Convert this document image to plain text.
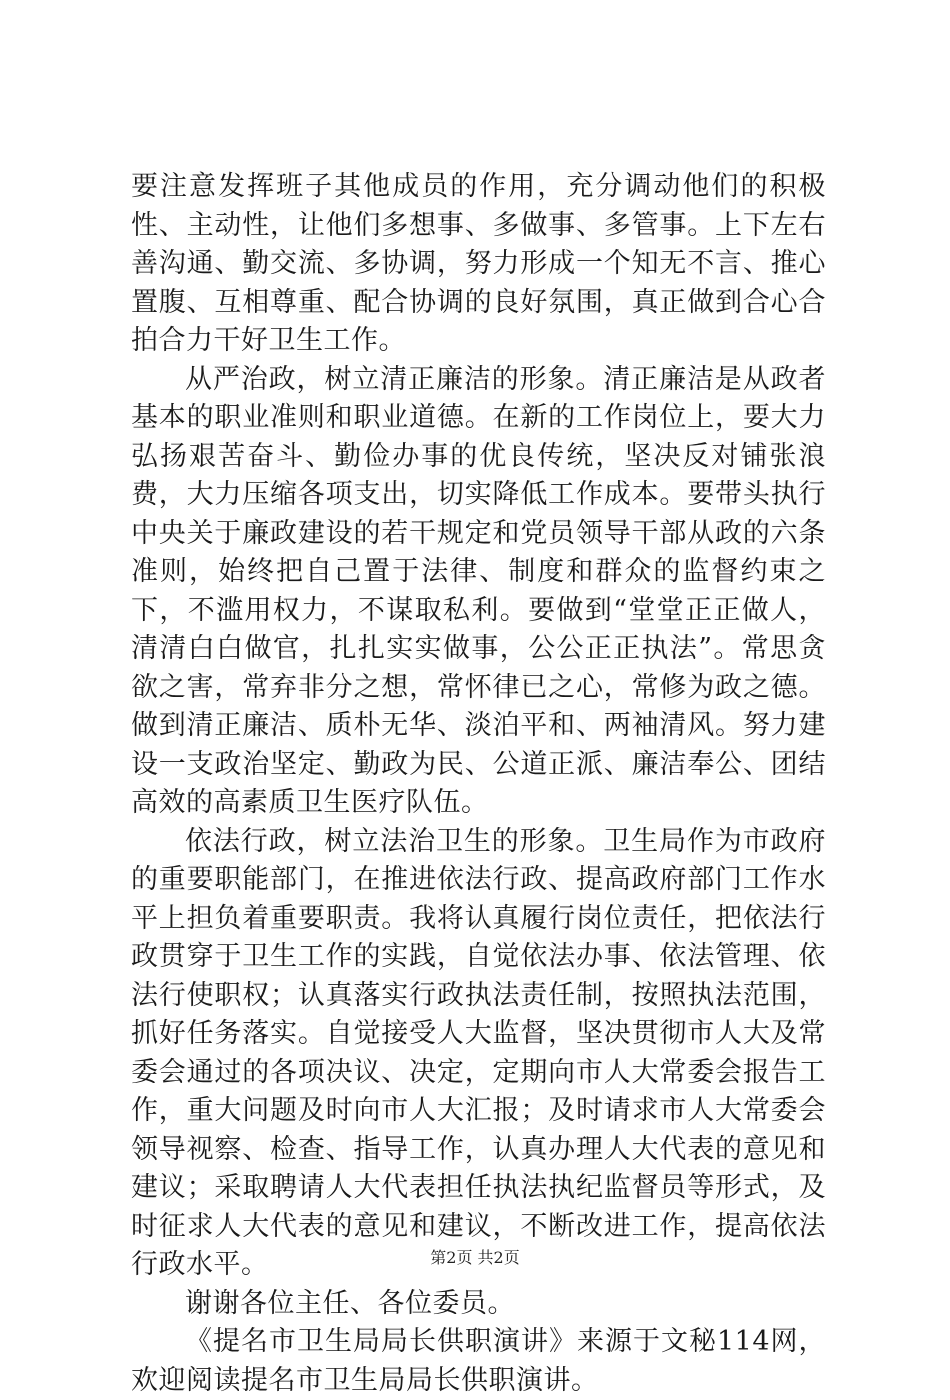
要注意发挥班子其他成员的作用，充分调动他们的积极性、主动性，让他们多想事、多做事、多管事。上下左右善沟通、勤交流、多协调，努力形成一个知无不言、推心置腹、互相尊重、配合协调的良好氛围，真正做到合心合拍合力干好卫生工作。

从严治政，树立清正廉洁的形象。清正廉洁是从政者基本的职业准则和职业道德。在新的工作岗位上，要大力弘扬艰苦奋斗、勤俭办事的优良传统，坚决反对铺张浪费，大力压缩各项支出，切实降低工作成本。要带头执行中央关于廉政建设的若干规定和党员领导干部从政的六条准则，始终把自己置于法律、制度和群众的监督约束之下，不滥用权力，不谋取私利。要做到“堂堂正正做人，清清白白做官，扎扎实实做事，公公正正执法”。常思贪欲之害，常弃非分之想，常怀律已之心，常修为政之德。做到清正廉洁、质朴无华、淡泊平和、两袖清风。努力建设一支政治坚定、勤政为民、公道正派、廉洁奉公、团结高效的高素质卫生医疗队伍。

依法行政，树立法治卫生的形象。卫生局作为市政府的重要职能部门，在推进依法行政、提高政府部门工作水平上担负着重要职责。我将认真履行岗位责任，把依法行政贯穿于卫生工作的实践，自觉依法办事、依法管理、依法行使职权；认真落实行政执法责任制，按照执法范围，抓好任务落实。自觉接受人大监督，坚决贯彻市人大及常委会通过的各项决议、决定，定期向市人大常委会报告工作，重大问题及时向市人大汇报；及时请求市人大常委会领导视察、检查、指导工作，认真办理人大代表的意见和建议；采取聘请人大代表担任执法执纪监督员等形式，及时征求人大代表的意见和建议，不断改进工作，提高依法行政水平。

谢谢各位主任、各位委员。

《提名市卫生局局长供职演讲》来源于文秘114网，欢迎阅读提名市卫生局局长供职演讲。

第2页 共2页
